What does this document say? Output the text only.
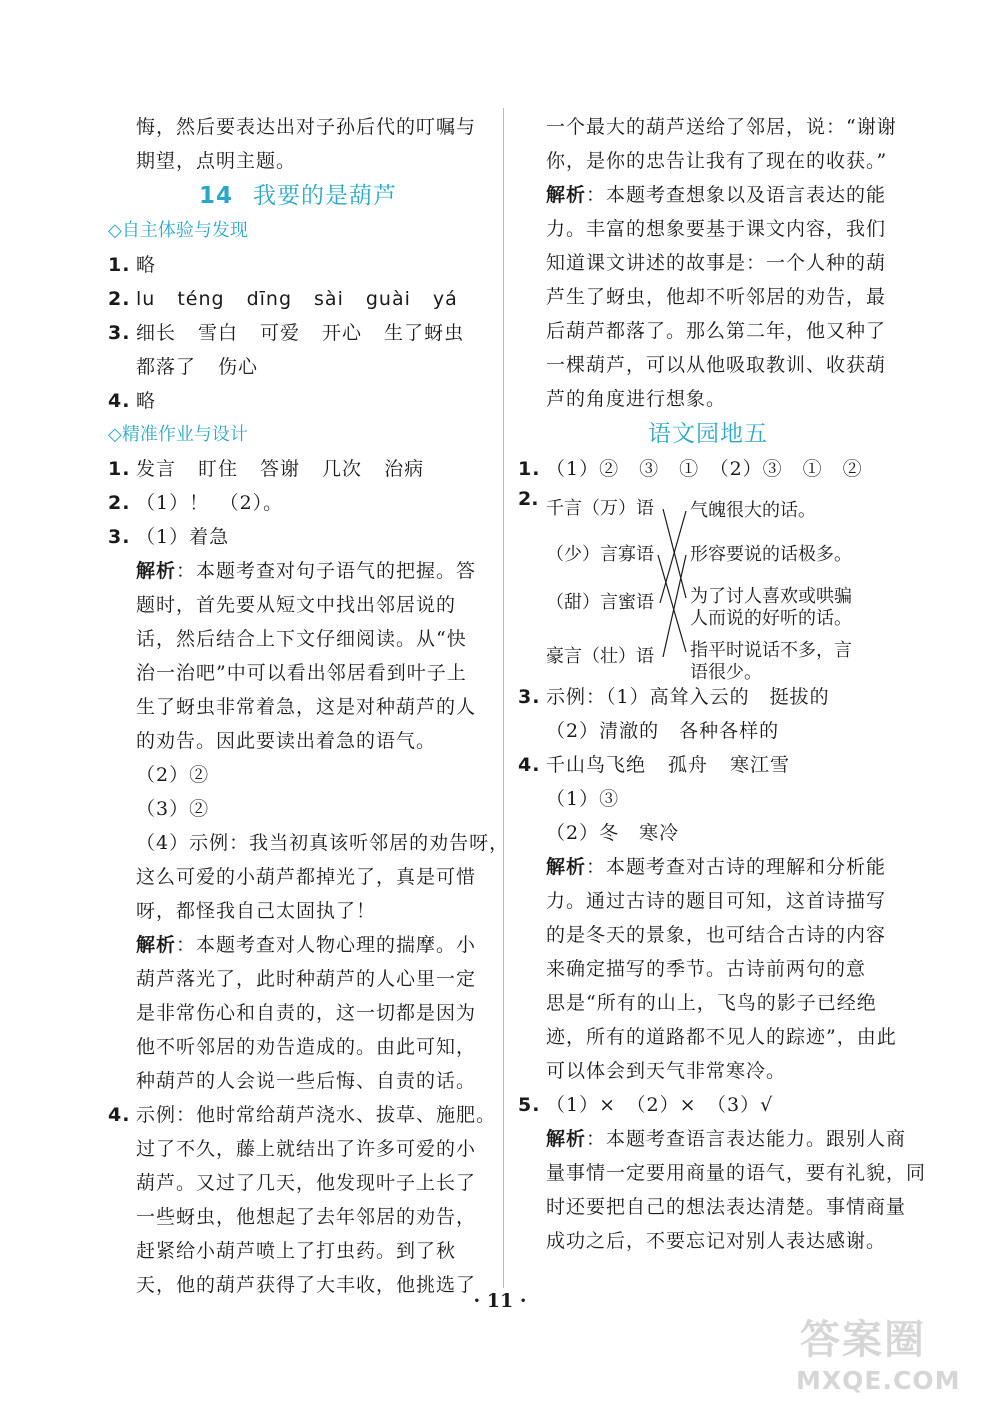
悔，然后要表达出对子孙后代的叮嘱与
期望，点明主题。
14 我要的是葫芦
◇自主体验与发现
1. 略
2. lu téng dīng sài guài yá
3. 细长 雪白 可爱 开心 生了蚜虫
都落了 伤心
4. 略
◇精准作业与设计
1. 发言 盯住 答谢 几次 治病
2. （1）！　（2）。
3. （1）着急
解析：本题考查对句子语气的把握。答
题时，首先要从短文中找出邻居说的
话，然后结合上下文仔细阅读。从“快
治一治吧”中可以看出邻居看到叶子上
生了蚜虫非常着急，这是对种葫芦的人
的劝告。因此要读出着急的语气。
（2）②
（3）②
（4）示例：我当初真该听邻居的劝告呀，
这么可爱的小葫芦都掉光了，真是可惜
呀，都怪我自己太固执了！
解析：本题考查对人物心理的揣摩。小
葫芦落光了，此时种葫芦的人心里一定
是非常伤心和自责的，这一切都是因为
他不听邻居的劝告造成的。由此可知，
种葫芦的人会说一些后悔、自责的话。
4. 示例：他时常给葫芦浇水、拔草、施肥。
过了不久，藤上就结出了许多可爱的小
葫芦。又过了几天，他发现叶子上长了
一些蚜虫，他想起了去年邻居的劝告，
赶紧给小葫芦喷上了打虫药。到了秋
天，他的葫芦获得了大丰收，他挑选了
一个最大的葫芦送给了邻居，说：“谢谢
你，是你的忠告让我有了现在的收获。”
解析：本题考查想象以及语言表达的能
力。丰富的想象要基于课文内容，我们
知道课文讲述的故事是：一个人种的葫
芦生了蚜虫，他却不听邻居的劝告，最
后葫芦都落了。那么第二年，他又种了
一棵葫芦，可以从他吸取教训、收获葫
芦的角度进行想象。
语文园地五
1. （1）②　③　①　（2）③　①　②
2. 千言（万）语
（少）言寡语
（甜）言蜜语
豪言（壮）语
气魄很大的话。
形容要说的话极多。
为了讨人喜欢或哄骗
人而说的好听的话。
指平时说话不多，言
语很少。
3. 示例：（1）高耸入云的　挺拔的
（2）清澈的　各种各样的
4. 千山鸟飞绝 孤舟 寒江雪
（1）③
（2）冬　寒冷
解析：本题考查对古诗的理解和分析能
力。通过古诗的题目可知，这首诗描写
的是冬天的景象，也可结合古诗的内容
来确定描写的季节。古诗前两句的意
思是“所有的山上，飞鸟的影子已经绝
迹，所有的道路都不见人的踪迹”，由此
可以体会到天气非常寒冷。
5. （1）×　（2）×　（3）√
解析：本题考查语言表达能力。跟别人商
量事情一定要用商量的语气，要有礼貌，同
时还要把自己的想法表达清楚。事情商量
成功之后，不要忘记对别人表达感谢。
· 11 ·
答案圈
MXQE.COM
